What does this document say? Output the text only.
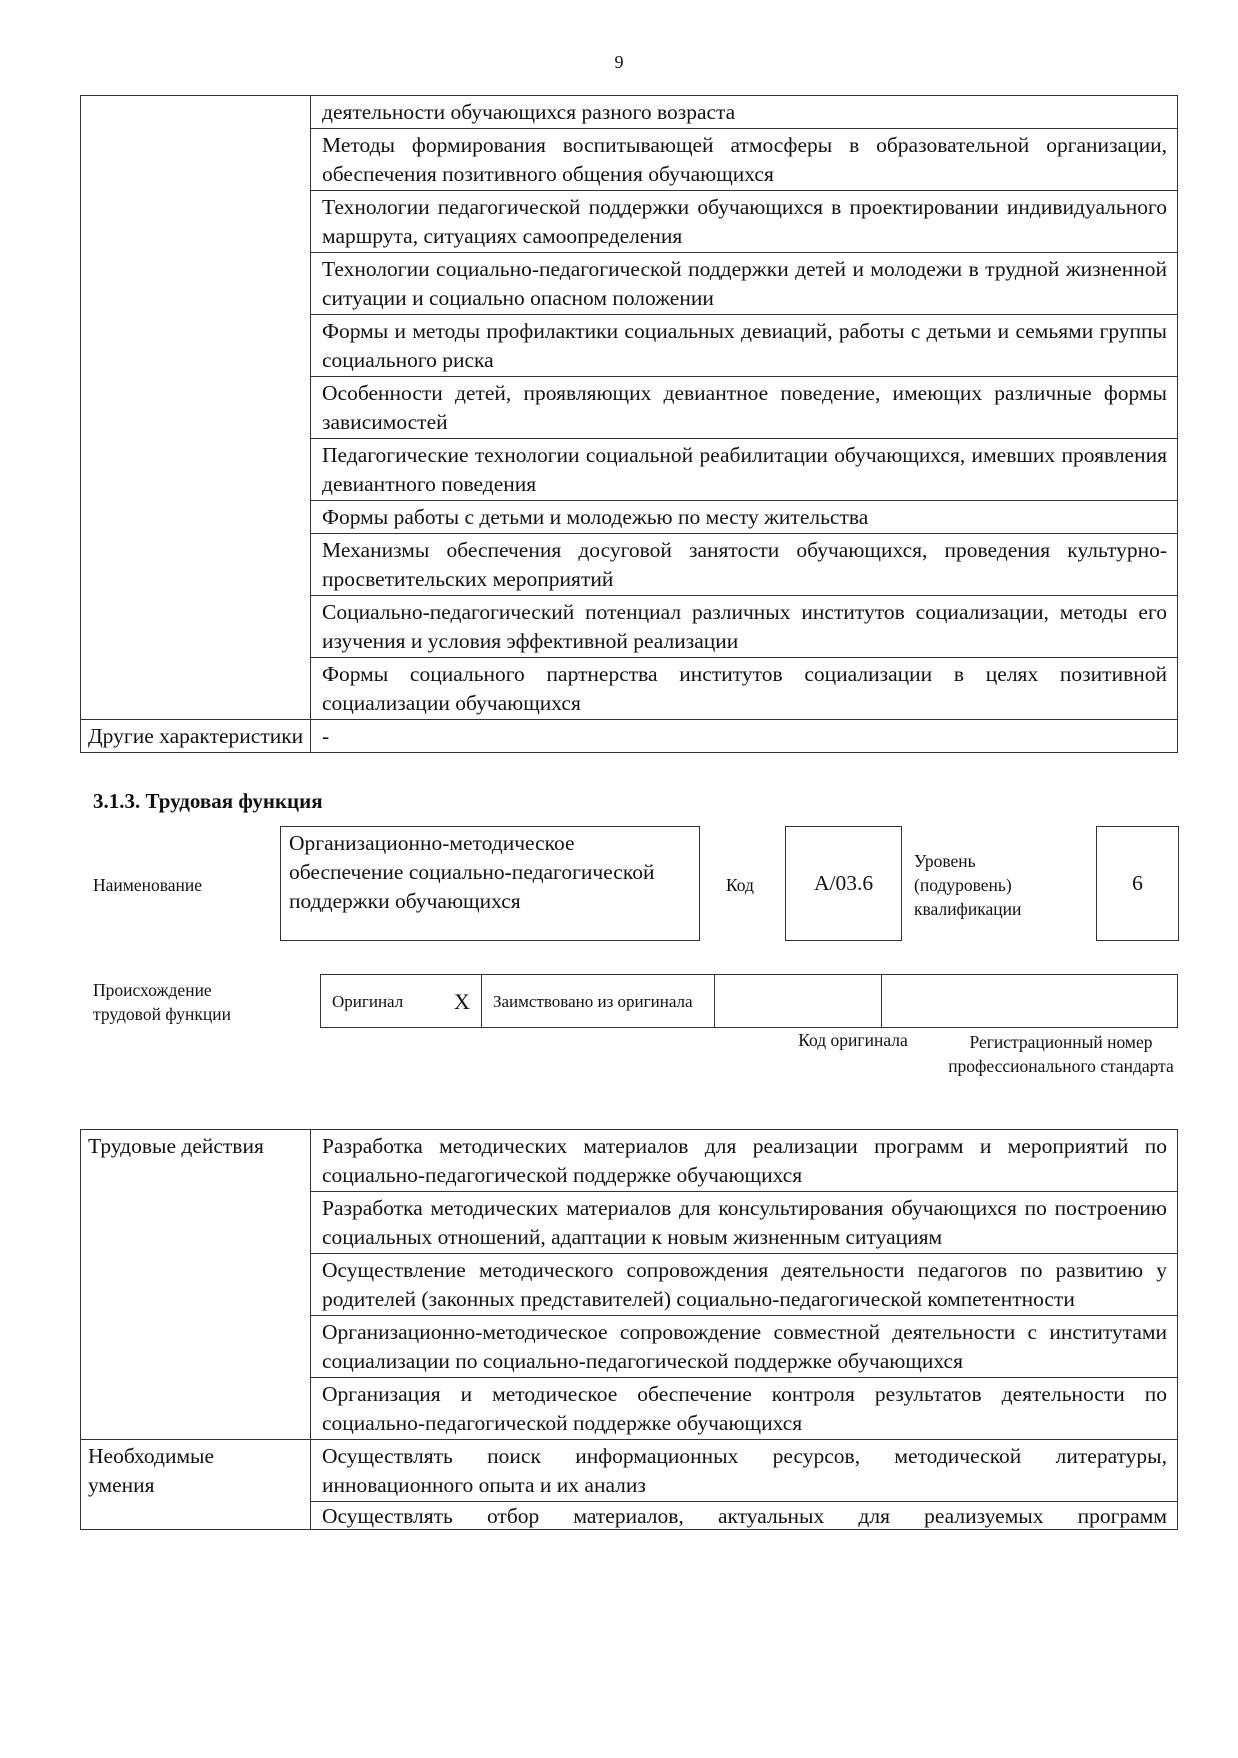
9
	деятельности обучающихся разного возраста
	Методы формирования воспитывающей атмосферы в образовательной организации, обеспечения позитивного общения обучающихся
	Технологии педагогической поддержки обучающихся в проектировании индивидуального маршрута, ситуациях самоопределения
	Технологии социально-педагогической поддержки детей и молодежи в трудной жизненной ситуации и социально опасном положении
	Формы и методы профилактики социальных девиаций, работы с детьми и семьями группы социального риска
	Особенности детей, проявляющих девиантное поведение, имеющих различные формы зависимостей
	Педагогические технологии социальной реабилитации обучающихся, имевших проявления девиантного поведения
	Формы работы с детьми и молодежью по месту жительства
	Механизмы обеспечения досуговой занятости обучающихся, проведения культурно-просветительских мероприятий
	Социально-педагогический потенциал различных институтов социализации, методы его изучения и условия эффективной реализации
	Формы социального партнерства институтов социализации в целях позитивной социализации обучающихся
Другие характеристики	-
3.1.3. Трудовая функция
Наименование
Организационно-методическое обеспечение социально-педагогической поддержки обучающихся
Код	А/03.6
Уровень (подуровень) квалификации
6
Происхождение трудовой функции
Оригинал	Х	Заимствовано из оригинала		
Код оригинала	Регистрационный номер профессионального стандарта
Трудовые действия	Разработка методических материалов для реализации программ и мероприятий по социально-педагогической поддержке обучающихся
	Разработка методических материалов для консультирования обучающихся по построению социальных отношений, адаптации к новым жизненным ситуациям
	Осуществление методического сопровождения деятельности педагогов по развитию у родителей (законных представителей) социально-педагогической компетентности
	Организационно-методическое сопровождение совместной деятельности с институтами социализации по социально-педагогической поддержке обучающихся
	Организация и методическое обеспечение контроля результатов деятельности по социально-педагогической поддержке обучающихся

Необходимые умения	Осуществлять поиск информационных ресурсов, методической литературы, инновационного опыта и их анализ

	Осуществлять отбор материалов, актуальных для реализуемых программ
